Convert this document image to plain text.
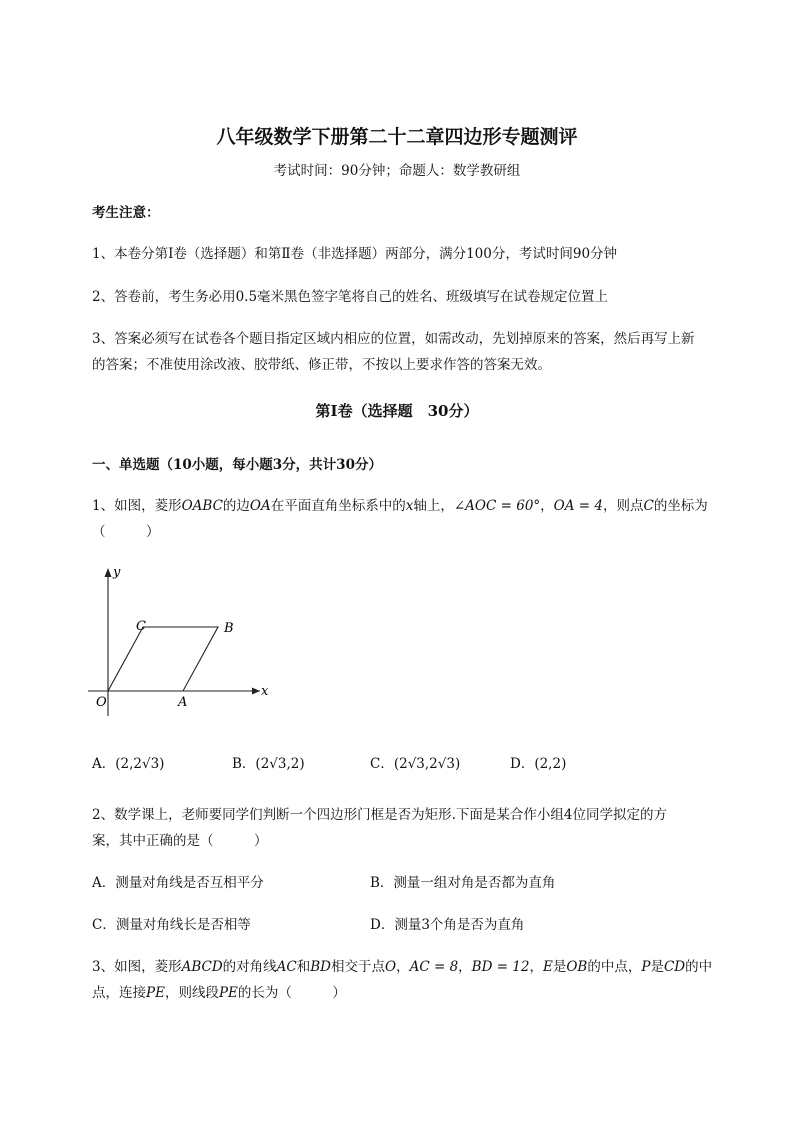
八年级数学下册第二十二章四边形专题测评
考试时间：90分钟；命题人：数学教研组
考生注意：
1、本卷分第I卷（选择题）和第Ⅱ卷（非选择题）两部分，满分100分，考试时间90分钟
2、答卷前，考生务必用0.5毫米黑色签字笔将自己的姓名、班级填写在试卷规定位置上
3、答案必须写在试卷各个题目指定区域内相应的位置，如需改动，先划掉原来的答案，然后再写上新
的答案；不准使用涂改液、胶带纸、修正带，不按以上要求作答的答案无效。
第I卷（选择题　30分）
一、单选题（10小题，每小题3分，共计30分）
1、如图，菱形OABC的边OA在平面直角坐标系中的x轴上，∠AOC = 60°，OA = 4，则点C的坐标为
（　　　）
y
x
O	A
B
C
A．(2,2√3)	B．(2√3,2)	C．(2√3,2√3)	D．(2,2)
2、数学课上，老师要同学们判断一个四边形门框是否为矩形.下面是某合作小组4位同学拟定的方
案，其中正确的是（　　　）
A．测量对角线是否互相平分	B．测量一组对角是否都为直角
C．测量对角线长是否相等	D．测量3个角是否为直角
3、如图，菱形ABCD的对角线AC和BD相交于点O，AC = 8，BD = 12，E是OB的中点，P是CD的中
点，连接PE，则线段PE的长为（　　　）
